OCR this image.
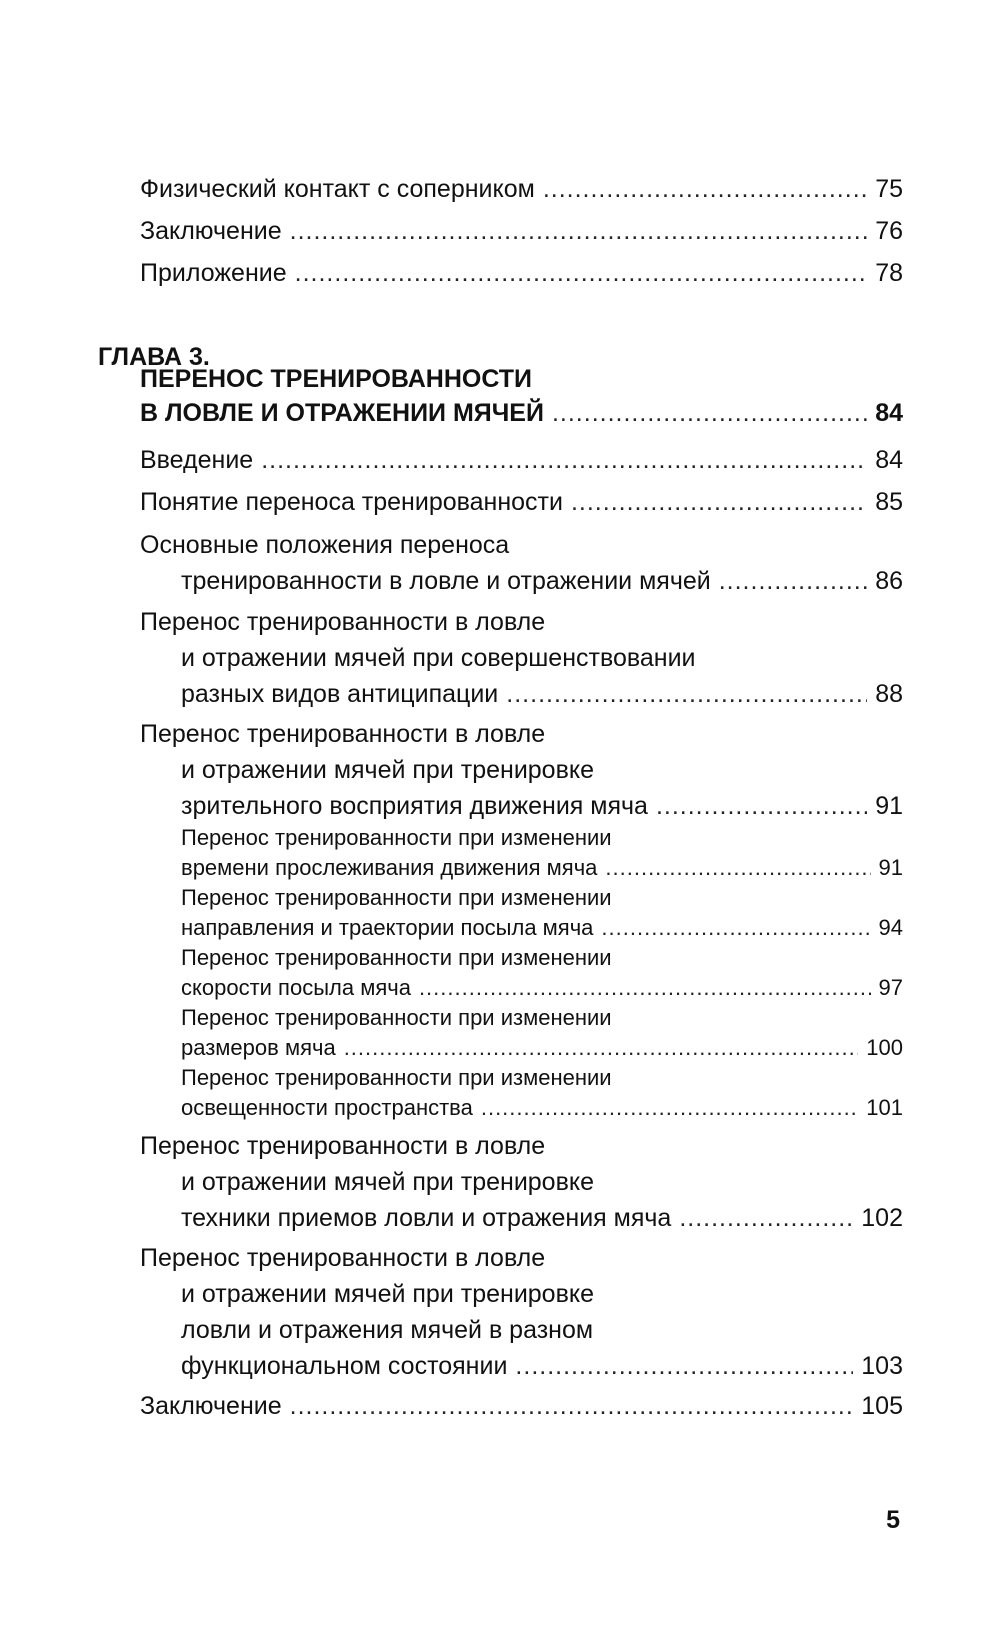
Физический контакт с соперником .....	75
Заключение .....	76
Приложение .....	78
ГЛАВА 3.
ПЕРЕНОС ТРЕНИРОВАННОСТИ
В ЛОВЛЕ И ОТРАЖЕНИИ МЯЧЕЙ .....	84
Введение .....	84
Понятие переноса тренированности .....	85
Основные положения переноса
тренированности в ловле и отражении мячей .....	86
Перенос тренированности в ловле
и отражении мячей при совершенствовании
разных видов антиципации .....	88
Перенос тренированности в ловле
и отражении мячей при тренировке
зрительного восприятия движения мяча .....	91
Перенос тренированности при изменении
времени прослеживания движения мяча .....	91
Перенос тренированности при изменении
направления и траектории посыла мяча .....	94
Перенос тренированности при изменении
скорости посыла мяча .....	97
Перенос тренированности при изменении
размеров мяча .....	100
Перенос тренированности при изменении
освещенности пространства .....	101
Перенос тренированности в ловле
и отражении мячей при тренировке
техники приемов ловли и отражения мяча .....	102
Перенос тренированности в ловле
и отражении мячей при тренировке
ловли и отражения мячей в разном
функциональном состоянии .....	103
Заключение .....	105
5
